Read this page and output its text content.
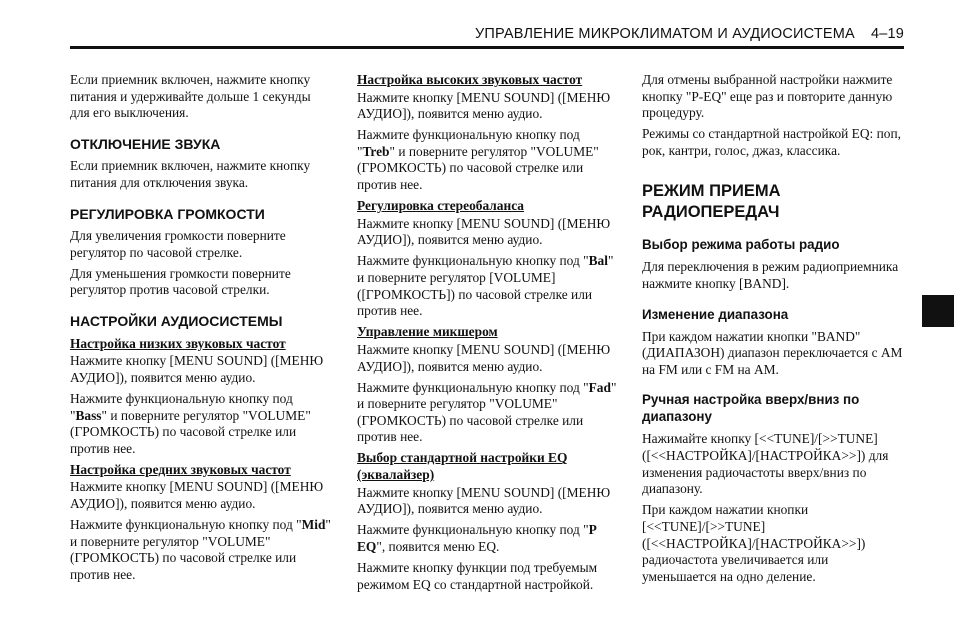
УПРАВЛЕНИЕ МИКРОКЛИМАТОМ И АУДИОСИСТЕМА 4–19

Если приемник включен, нажмите кнопку питания и удерживайте дольше 1 секунды для его выключения.

ОТКЛЮЧЕНИЕ ЗВУКА

Если приемник включен, нажмите кнопку питания для отключения звука.

РЕГУЛИРОВКА ГРОМКОСТИ

Для увеличения громкости поверните регулятор по часовой стрелке.

Для уменьшения громкости поверните регулятор против часовой стрелки.

НАСТРОЙКИ АУДИОСИСТЕМЫ

Настройка низких звуковых частот

Нажмите кнопку [MENU SOUND] ([МЕНЮ АУДИО]), появится меню аудио.

Нажмите функциональную кнопку под "Bass" и поверните регулятор "VOLUME" (ГРОМКОСТЬ) по часовой стрелке или против нее.

Настройка средних звуковых частот

Нажмите кнопку [MENU SOUND] ([МЕНЮ АУДИО]), появится меню аудио.

Нажмите функциональную кнопку под "Mid" и поверните регулятор "VOLUME" (ГРОМКОСТЬ) по часовой стрелке или против нее.

Настройка высоких звуковых частот

Нажмите кнопку [MENU SOUND] ([МЕНЮ АУДИО]), появится меню аудио.

Нажмите функциональную кнопку под "Treb" и поверните регулятор "VOLUME" (ГРОМКОСТЬ) по часовой стрелке или против нее.

Регулировка стереобаланса

Нажмите кнопку [MENU SOUND] ([МЕНЮ АУДИО]), появится меню аудио.

Нажмите функциональную кнопку под "Bal" и поверните регулятор [VOLUME] ([ГРОМКОСТЬ]) по часовой стрелке или против нее.

Управление микшером

Нажмите кнопку [MENU SOUND] ([МЕНЮ АУДИО]), появится меню аудио.

Нажмите функциональную кнопку под "Fad" и поверните регулятор "VOLUME" (ГРОМКОСТЬ) по часовой стрелке или против нее.

Выбор стандартной настройки EQ (эквалайзер)

Нажмите кнопку [MENU SOUND] ([МЕНЮ АУДИО]), появится меню аудио.

Нажмите функциональную кнопку под "P EQ", появится меню EQ.

Нажмите кнопку функции под требуемым режимом EQ со стандартной настройкой.

Для отмены выбранной настройки нажмите кнопку "P-EQ" еще раз и повторите данную процедуру.

Режимы со стандартной настройкой EQ: поп, рок, кантри, голос, джаз, классика.

РЕЖИМ ПРИЕМА РАДИОПЕРЕДАЧ
Выбор режима работы радио

Для переключения в режим радиоприемника нажмите кнопку [BAND].

Изменение диапазона

При каждом нажатии кнопки "BAND" (ДИАПАЗОН) диапазон переключается с AM на FM или с FM на AM.

Ручная настройка вверх/вниз по диапазону

Нажимайте кнопку [<<TUNE]/[>>TUNE] ([<<НАСТРОЙКА]/[НАСТРОЙКА>>]) для изменения радиочастоты вверх/вниз по диапазону.

При каждом нажатии кнопки [<<TUNE]/[>>TUNE] ([<<НАСТРОЙКА]/[НАСТРОЙКА>>]) радиочастота увеличивается или уменьшается на одно деление.
